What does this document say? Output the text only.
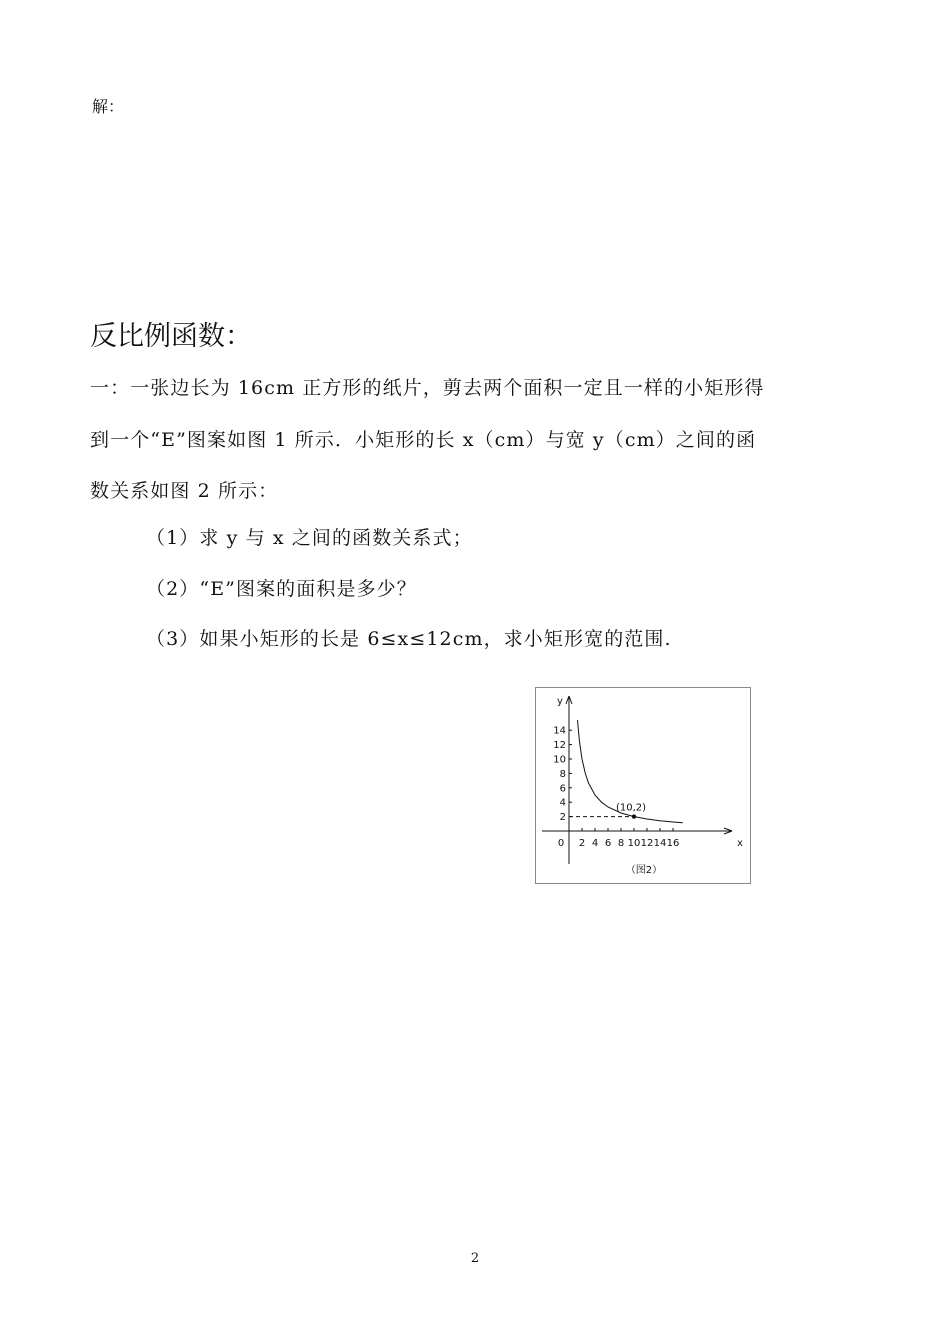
解：
反比例函数：
一：一张边长为 16cm 正方形的纸片，剪去两个面积一定且一样的小矩形得
到一个“E”图案如图 1 所示．小矩形的长 x（cm）与宽 y（cm）之间的函
数关系如图 2 所示：
（1）求 y 与 x 之间的函数关系式；
（2）“E”图案的面积是多少？
（3）如果小矩形的长是 6≤x≤12cm，求小矩形宽的范围.
2 4 6 8 10 12 14 16
2
4
6
8
10
12
14
0	x
y
(10,2)
（图2）
2
